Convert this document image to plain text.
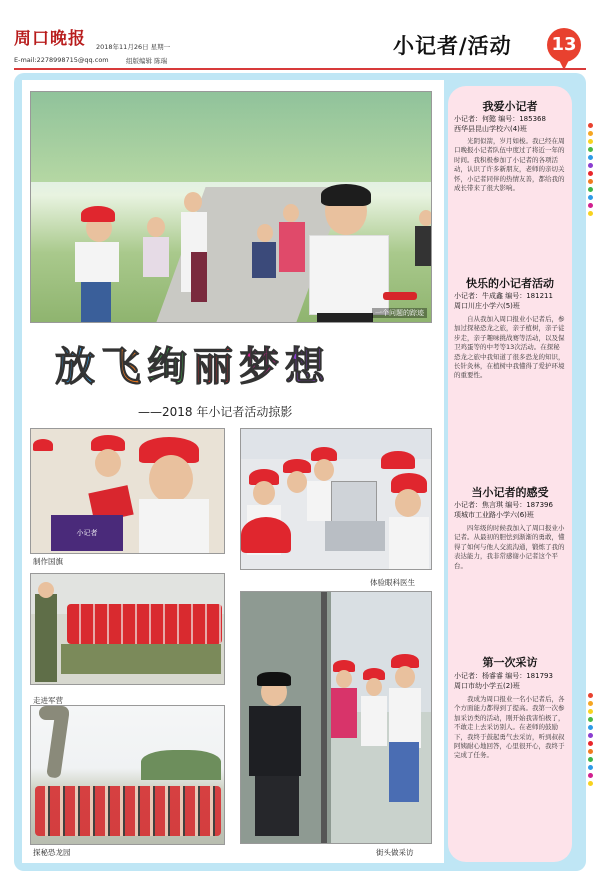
周口晚报 2018年11月26日 星期一
E-mail:2278998715@qq.com	组版编辑 陈瑞
小记者/活动 13
一个问题的踪迹
放飞绚丽梦想
——2018 年小记者活动掠影
小记者
制作国旗
体验眼科医生
走进军营
街头做采访
探秘恐龙园
我爱小记者
小记者：何懿 编号：185368
西华县昆山学校六(4)班
光阴似箭，岁月如梭。我已经在周口晚报小记者队伍中度过了将近一年的时间。我积极参加了小记者的各项活动，认识了许多新朋友，老师的亲切关怀，小记者同伴的热情友善，都给我的成长带来了很大影响。
快乐的小记者活动
小记者：牛成鑫 编号：181211
周口川庄小学六(5)班
自从我加入周口报业小记者后，参加过探秘恐龙之旅，亲子植树，亲子徒步走，亲子趣味挑战赛等活动，以及保卫鸡蛋等的中考等13次活动。在探秘恐龙之旅中我知道了很多恐龙的知识，长针灸林，在植树中我懂得了爱护环境的重要性。
当小记者的感受
小记者：焦言琪 编号：187396
项城市工业路小学六(6)班
四年级的时候我加入了周口报业小记者。从最初的胆怯到渐渐的勇敢，懂得了如何与他人交流沟通，锻炼了我的表达能力，我非常感谢小记者这个平台。
第一次采访
小记者：杨睿睿 编号：181793
周口市幼小学五(2)班
我成为周口报业一名小记者后，各个方面能力都得到了提高。我第一次参加采访类的活动，刚开始我害怕极了，不敢走上去采访别人。在老师的鼓励下，我终于鼓起勇气去采访，听到叔叔阿姨耐心地回答，心里很开心，我终于完成了任务。
